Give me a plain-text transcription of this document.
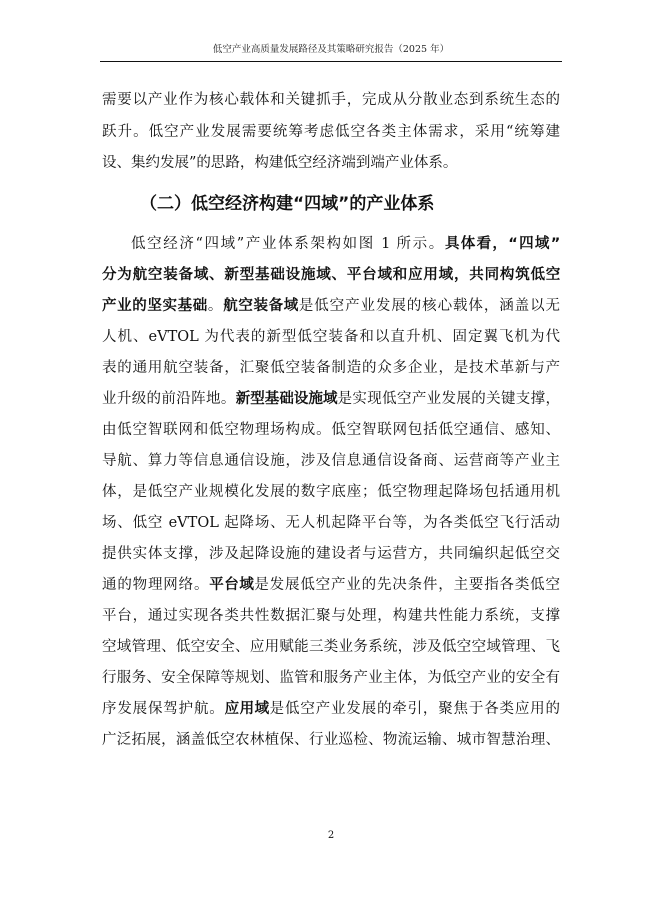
低空产业高质量发展路径及其策略研究报告（2025 年）
需要以产业作为核心载体和关键抓手，完成从分散业态到系统生态的
跃升。低空产业发展需要统筹考虑低空各类主体需求，采用“统筹建
设、集约发展”的思路，构建低空经济端到端产业体系。
（二）低空经济构建“四域”的产业体系
低空经济“四域”产业体系架构如图 1 所示。具体看，“四域”
分为航空装备域、新型基础设施域、平台域和应用域，共同构筑低空
产业的坚实基础。航空装备域是低空产业发展的核心载体，涵盖以无
人机、eVTOL 为代表的新型低空装备和以直升机、固定翼飞机为代
表的通用航空装备，汇聚低空装备制造的众多企业，是技术革新与产
业升级的前沿阵地。新型基础设施域是实现低空产业发展的关键支撑，
由低空智联网和低空物理场构成。低空智联网包括低空通信、感知、
导航、算力等信息通信设施，涉及信息通信设备商、运营商等产业主
体，是低空产业规模化发展的数字底座；低空物理起降场包括通用机
场、低空 eVTOL 起降场、无人机起降平台等，为各类低空飞行活动
提供实体支撑，涉及起降设施的建设者与运营方，共同编织起低空交
通的物理网络。平台域是发展低空产业的先决条件，主要指各类低空
平台，通过实现各类共性数据汇聚与处理，构建共性能力系统，支撑
空域管理、低空安全、应用赋能三类业务系统，涉及低空空域管理、飞
行服务、安全保障等规划、监管和服务产业主体，为低空产业的安全有
序发展保驾护航。应用域是低空产业发展的牵引，聚焦于各类应用的
广泛拓展，涵盖低空农林植保、行业巡检、物流运输、城市智慧治理、
2
